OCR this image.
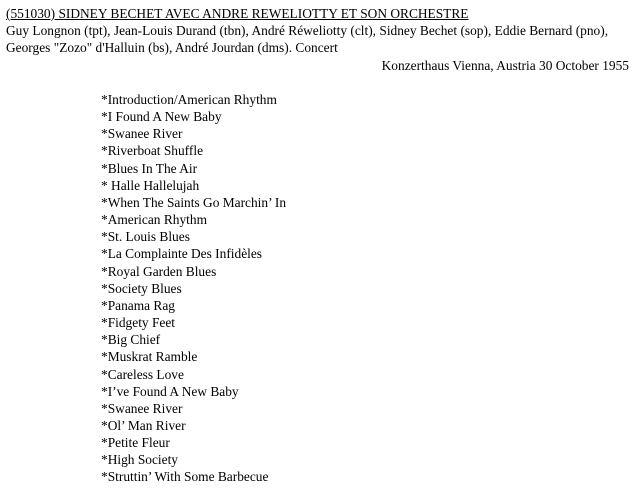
(551030) SIDNEY BECHET AVEC ANDRE REWELIOTTY ET SON ORCHESTRE
Guy Longnon (tpt), Jean-Louis Durand (tbn), André Réweliotty (clt), Sidney Bechet (sop), Eddie Bernard (pno), Georges "Zozo" d'Halluin (bs), André Jourdan (dms). Concert
Konzerthaus Vienna, Austria 30 October 1955
*Introduction/American Rhythm
*I Found A New Baby
*Swanee River
*Riverboat Shuffle
*Blues In The Air
* Halle Hallelujah
*When The Saints Go Marchin’ In
*American Rhythm
*St. Louis Blues
*La Complainte Des Infidèles
*Royal Garden Blues
*Society Blues
*Panama Rag
*Fidgety Feet
*Big Chief
*Muskrat Ramble
*Careless Love
*I’ve Found A New Baby
*Swanee River
*Ol’ Man River
*Petite Fleur
*High Society
*Struttin’ With Some Barbecue
